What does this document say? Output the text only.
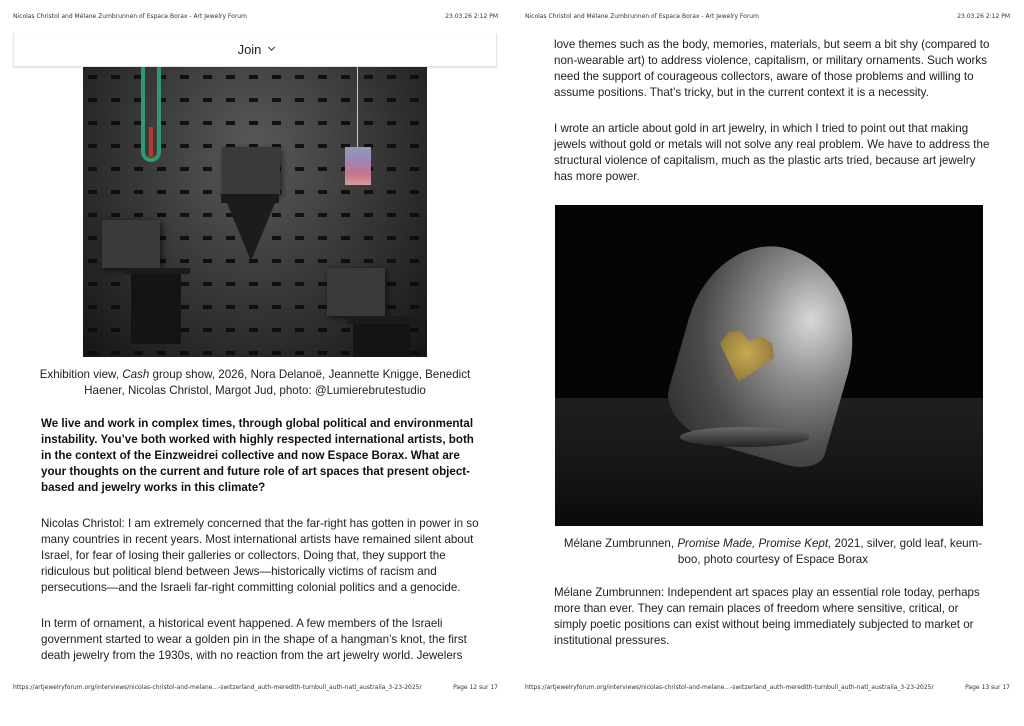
Nicolas Christol and Mélane Zumbrunnen of Espace Borax - Art Jewelry Forum	23.03.26 2:12 PM
Join
Exhibition view, Cash group show, 2026, Nora Delanoë, Jeannette Knigge, Benedict Haener, Nicolas Christol, Margot Jud, photo: @Lumierebrutestudio

We live and work in complex times, through global political and environmental instability. You’ve both worked with highly respected international artists, both in the context of the Einzweidrei collective and now Espace Borax. What are your thoughts on the current and future role of art spaces that present object-based and jewelry works in this climate?

Nicolas Christol: I am extremely concerned that the far-right has gotten in power in so many countries in recent years. Most international artists have remained silent about Israel, for fear of losing their galleries or collectors. Doing that, they support the ridiculous but political blend between Jews—historically victims of racism and persecutions—and the Israeli far-right committing colonial politics and a genocide.

In term of ornament, a historical event happened. A few members of the Israeli government started to wear a golden pin in the shape of a hangman’s knot, the first death jewelry from the 1930s, with no reaction from the art jewelry world. Jewelers

https://artjewelryforum.org/interviews/nicolas-christol-and-melane...-switzerland_auth-meredith-turnbull_auth-natl_australia_3-23-2025/	Page 12 sur 17
Nicolas Christol and Mélane Zumbrunnen of Espace Borax - Art Jewelry Forum	23.03.26 2:12 PM

love themes such as the body, memories, materials, but seem a bit shy (compared to non-wearable art) to address violence, capitalism, or military ornaments. Such works need the support of courageous collectors, aware of those problems and willing to assume positions. That’s tricky, but in the current context it is a necessity.

I wrote an article about gold in art jewelry, in which I tried to point out that making jewels without gold or metals will not solve any real problem. We have to address the structural violence of capitalism, much as the plastic arts tried, because art jewelry has more power.

Mélane Zumbrunnen, Promise Made, Promise Kept, 2021, silver, gold leaf, keum-boo, photo courtesy of Espace Borax

Mélane Zumbrunnen: Independent art spaces play an essential role today, perhaps more than ever. They can remain places of freedom where sensitive, critical, or simply poetic positions can exist without being immediately subjected to market or institutional pressures.

https://artjewelryforum.org/interviews/nicolas-christol-and-melane...-switzerland_auth-meredith-turnbull_auth-natl_australia_3-23-2025/	Page 13 sur 17
